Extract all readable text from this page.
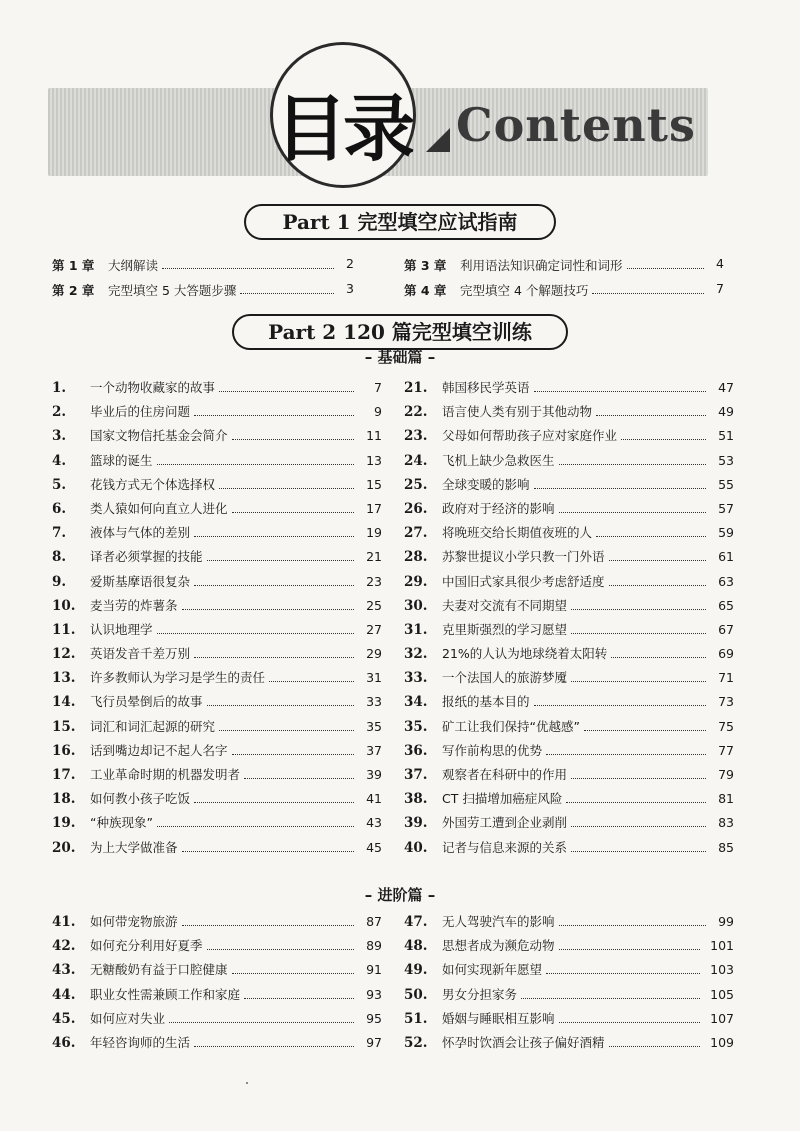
目录 Contents
Part 1 完型填空应试指南
第 1 章	大纲解读	2
第 2 章	完型填空 5 大答题步骤	3
第 3 章	利用语法知识确定词性和词形	4
第 4 章	完型填空 4 个解题技巧	7
Part 2 120 篇完型填空训练
– 基础篇 –
1.	一个动物收藏家的故事	7
2.	毕业后的住房问题	9
3.	国家文物信托基金会简介	11
4.	篮球的诞生	13
5.	花钱方式无个体选择权	15
6.	类人猿如何向直立人进化	17
7.	液体与气体的差别	19
8.	译者必须掌握的技能	21
9.	爱斯基摩语很复杂	23
10.	麦当劳的炸薯条	25
11.	认识地理学	27
12.	英语发音千差万别	29
13.	许多教师认为学习是学生的责任	31
14.	飞行员晕倒后的故事	33
15.	词汇和词汇起源的研究	35
16.	话到嘴边却记不起人名字	37
17.	工业革命时期的机器发明者	39
18.	如何教小孩子吃饭	41
19.	“种族现象”	43
20.	为上大学做准备	45
21.	韩国移民学英语	47
22.	语言使人类有别于其他动物	49
23.	父母如何帮助孩子应对家庭作业	51
24.	飞机上缺少急救医生	53
25.	全球变暖的影响	55
26.	政府对于经济的影响	57
27.	将晚班交给长期值夜班的人	59
28.	苏黎世提议小学只教一门外语	61
29.	中国旧式家具很少考虑舒适度	63
30.	夫妻对交流有不同期望	65
31.	克里斯强烈的学习愿望	67
32.	21%的人认为地球绕着太阳转	69
33.	一个法国人的旅游梦魇	71
34.	报纸的基本目的	73
35.	矿工让我们保持“优越感”	75
36.	写作前构思的优势	77
37.	观察者在科研中的作用	79
38.	CT 扫描增加癌症风险	81
39.	外国劳工遭到企业剥削	83
40.	记者与信息来源的关系	85
– 进阶篇 –
41.	如何带宠物旅游	87
42.	如何充分利用好夏季	89
43.	无糖酸奶有益于口腔健康	91
44.	职业女性需兼顾工作和家庭	93
45.	如何应对失业	95
46.	年轻咨询师的生活	97
47.	无人驾驶汽车的影响	99
48.	思想者成为濒危动物	101
49.	如何实现新年愿望	103
50.	男女分担家务	105
51.	婚姻与睡眠相互影响	107
52.	怀孕时饮酒会让孩子偏好酒精	109
